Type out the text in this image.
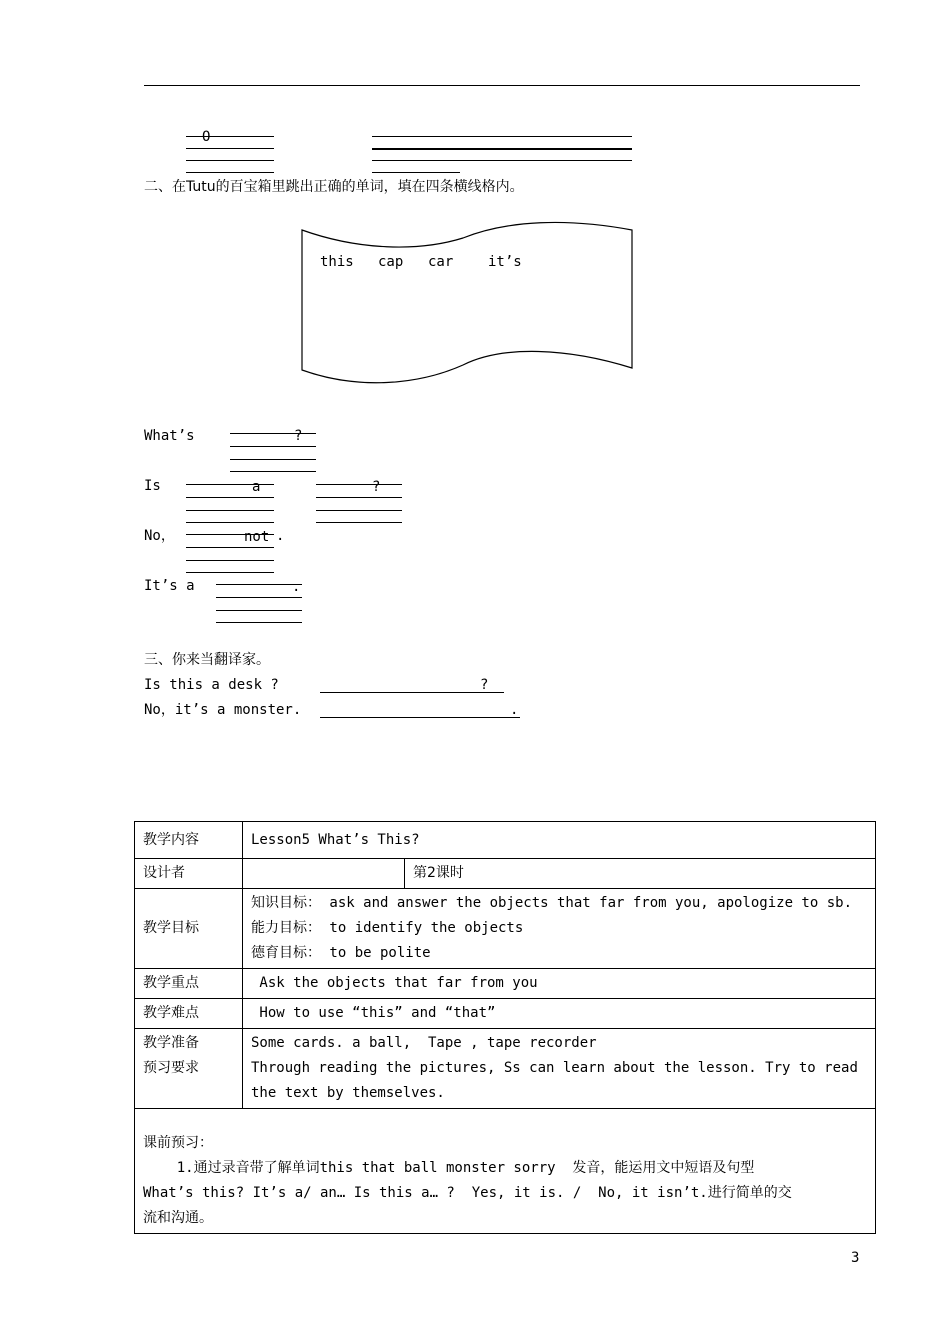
O
二、在Tutu的百宝箱里跳出正确的单词，填在四条横线格内。
this cap car it’s
What’s	?
Is	a	?
No，	not .
It’s a	.
三、你来当翻译家。
Is this a desk ?	?
No，it’s a monster.	.
教学内容	Lesson5 What’s This?	
设计者		第2课时
教学目标	知识目标： ask and answer the objects that far from you, apologize to sb.
能力目标： to identify the objects
德育目标： to be polite	

教学重点	Ask the objects that far from you	
教学难点	How to use “this” and “that”	

教学准备
预习要求	Some cards. a ball,  Tape , tape recorder
Through reading the pictures, Ss can learn about the lesson. Try to read
the text by themselves.	

课前预习：
1.通过录音带了解单词this that ball monster sorry  发音，能运用文中短语及句型
What’s this? It’s a/ an… Is this a… ?  Yes, it is. /  No, it isn’t.进行简单的交
流和沟通。		
3
